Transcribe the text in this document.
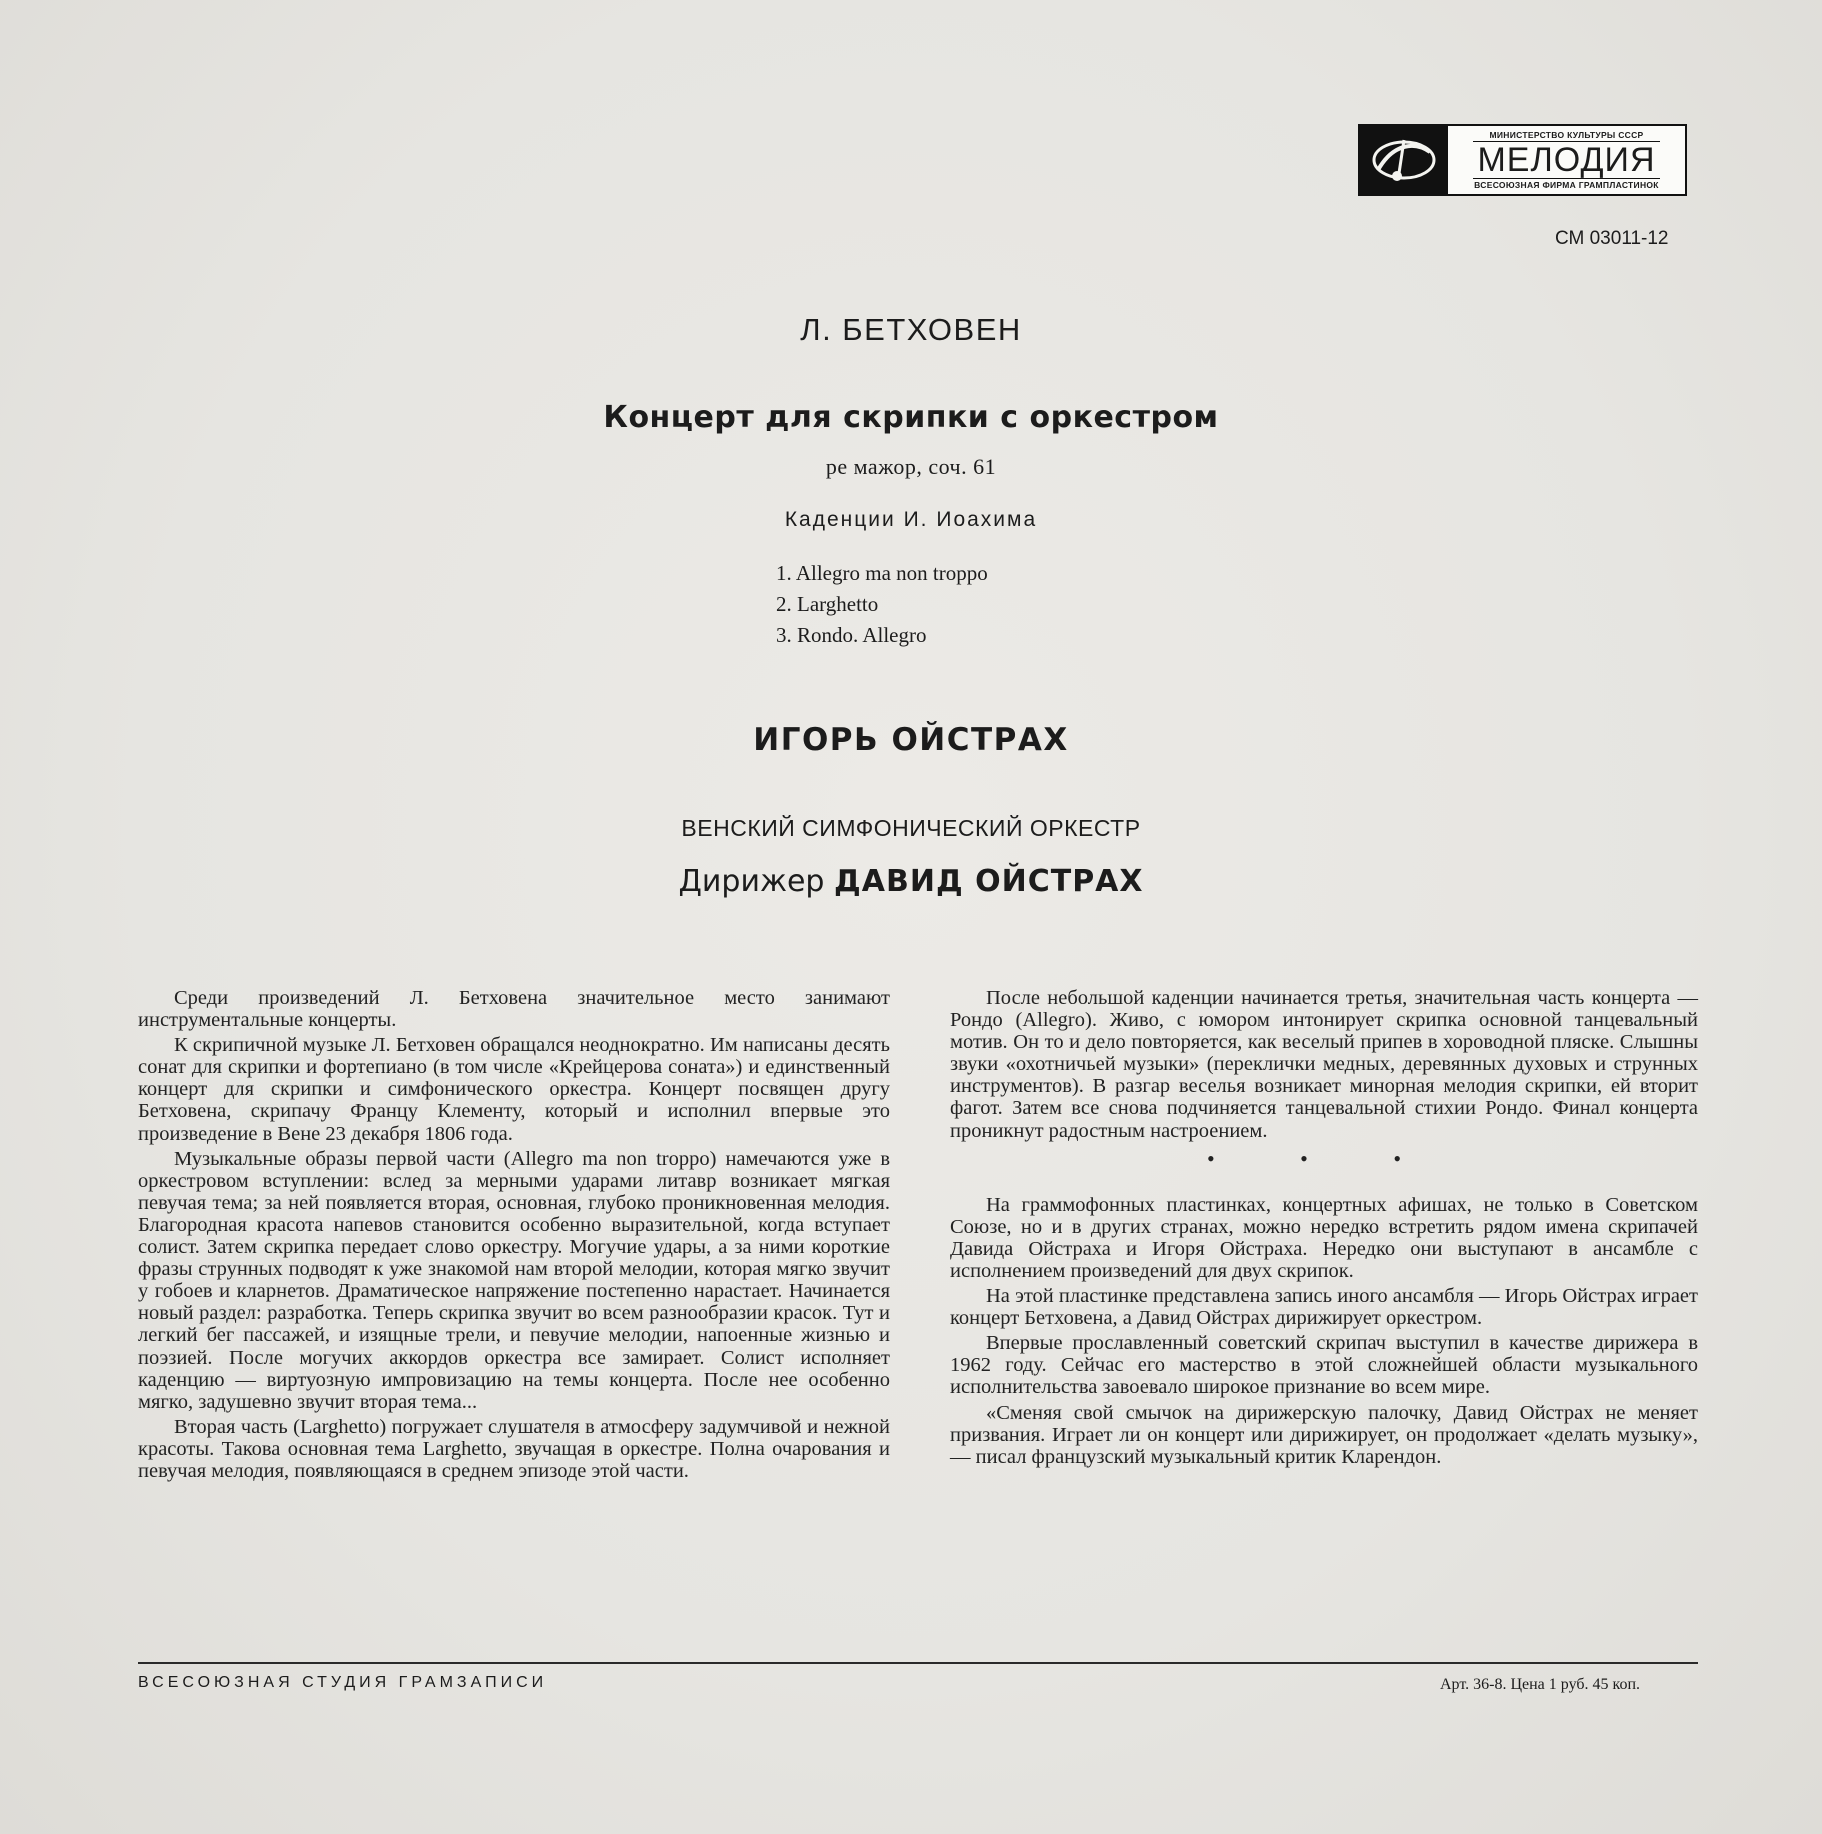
МИНИСТЕРСТВО КУЛЬТУРЫ СССР
МЕЛОДИЯ
ВСЕСОЮЗНАЯ ФИРМА ГРАМПЛАСТИНОК
СМ 03011-12
Л. БЕТХОВЕН
Концерт для скрипки с оркестром
ре мажор, соч. 61
Каденции И. Иоахима
1. Allegro ma non troppo
2. Larghetto
3. Rondo. Allegro
ИГОРЬ ОЙСТРАХ
ВЕНСКИЙ СИМФОНИЧЕСКИЙ ОРКЕСТР
Дирижер ДАВИД ОЙСТРАХ

Среди произведений Л. Бетховена значительное место занимают инструментальные концерты.

К скрипичной музыке Л. Бетховен обращался неоднократно. Им написаны десять сонат для скрипки и фортепиано (в том числе «Крейцерова соната») и единственный концерт для скрипки и симфонического оркестра. Концерт посвящен другу Бетховена, скрипачу Францу Клементу, который и исполнил впервые это произведение в Вене 23 декабря 1806 года.

Музыкальные образы первой части (Allegro ma non troppo) намечаются уже в оркестровом вступлении: вслед за мерными ударами литавр возникает мягкая певучая тема; за ней появляется вторая, основная, глубоко проникновенная мелодия. Благородная красота напевов становится особенно выразительной, когда вступает солист. Затем скрипка передает слово оркестру. Могучие удары, а за ними короткие фразы струнных подводят к уже знакомой нам второй мелодии, которая мягко звучит у гобоев и кларнетов. Драматическое напряжение постепенно нарастает. Начинается новый раздел: разработка. Теперь скрипка звучит во всем разнообразии красок. Тут и легкий бег пассажей, и изящные трели, и певучие мелодии, напоенные жизнью и поэзией. После могучих аккордов оркестра все замирает. Солист исполняет каденцию — виртуозную импровизацию на темы концерта. После нее особенно мягко, задушевно звучит вторая тема...

Вторая часть (Larghetto) погружает слушателя в атмосферу задумчивой и нежной красоты. Такова основная тема Larghetto, звучащая в оркестре. Полна очарования и певучая мелодия, появляющаяся в среднем эпизоде этой части.

После небольшой каденции начинается третья, значительная часть концерта — Рондо (Allegro). Живо, с юмором интонирует скрипка основной танцевальный мотив. Он то и дело повторяется, как веселый припев в хороводной пляске. Слышны звуки «охотничьей музыки» (переклички медных, деревянных духовых и струнных инструментов). В разгар веселья возникает минорная мелодия скрипки, ей вторит фагот. Затем все снова подчиняется танцевальной стихии Рондо. Финал концерта проникнут радостным настроением.

• • •

На граммофонных пластинках, концертных афишах, не только в Советском Союзе, но и в других странах, можно нередко встретить рядом имена скрипачей Давида Ойстраха и Игоря Ойстраха. Нередко они выступают в ансамбле с исполнением произведений для двух скрипок.

На этой пластинке представлена запись иного ансамбля — Игорь Ойстрах играет концерт Бетховена, а Давид Ойстрах дирижирует оркестром.

Впервые прославленный советский скрипач выступил в качестве дирижера в 1962 году. Сейчас его мастерство в этой сложнейшей области музыкального исполнительства завоевало широкое признание во всем мире.

«Сменяя свой смычок на дирижерскую палочку, Давид Ойстрах не меняет призвания. Играет ли он концерт или дирижирует, он продолжает «делать музыку»,— писал французский музыкальный критик Кларендон.

ВСЕСОЮЗНАЯ СТУДИЯ ГРАМЗАПИСИ	Арт. 36-8. Цена 1 руб. 45 коп.
